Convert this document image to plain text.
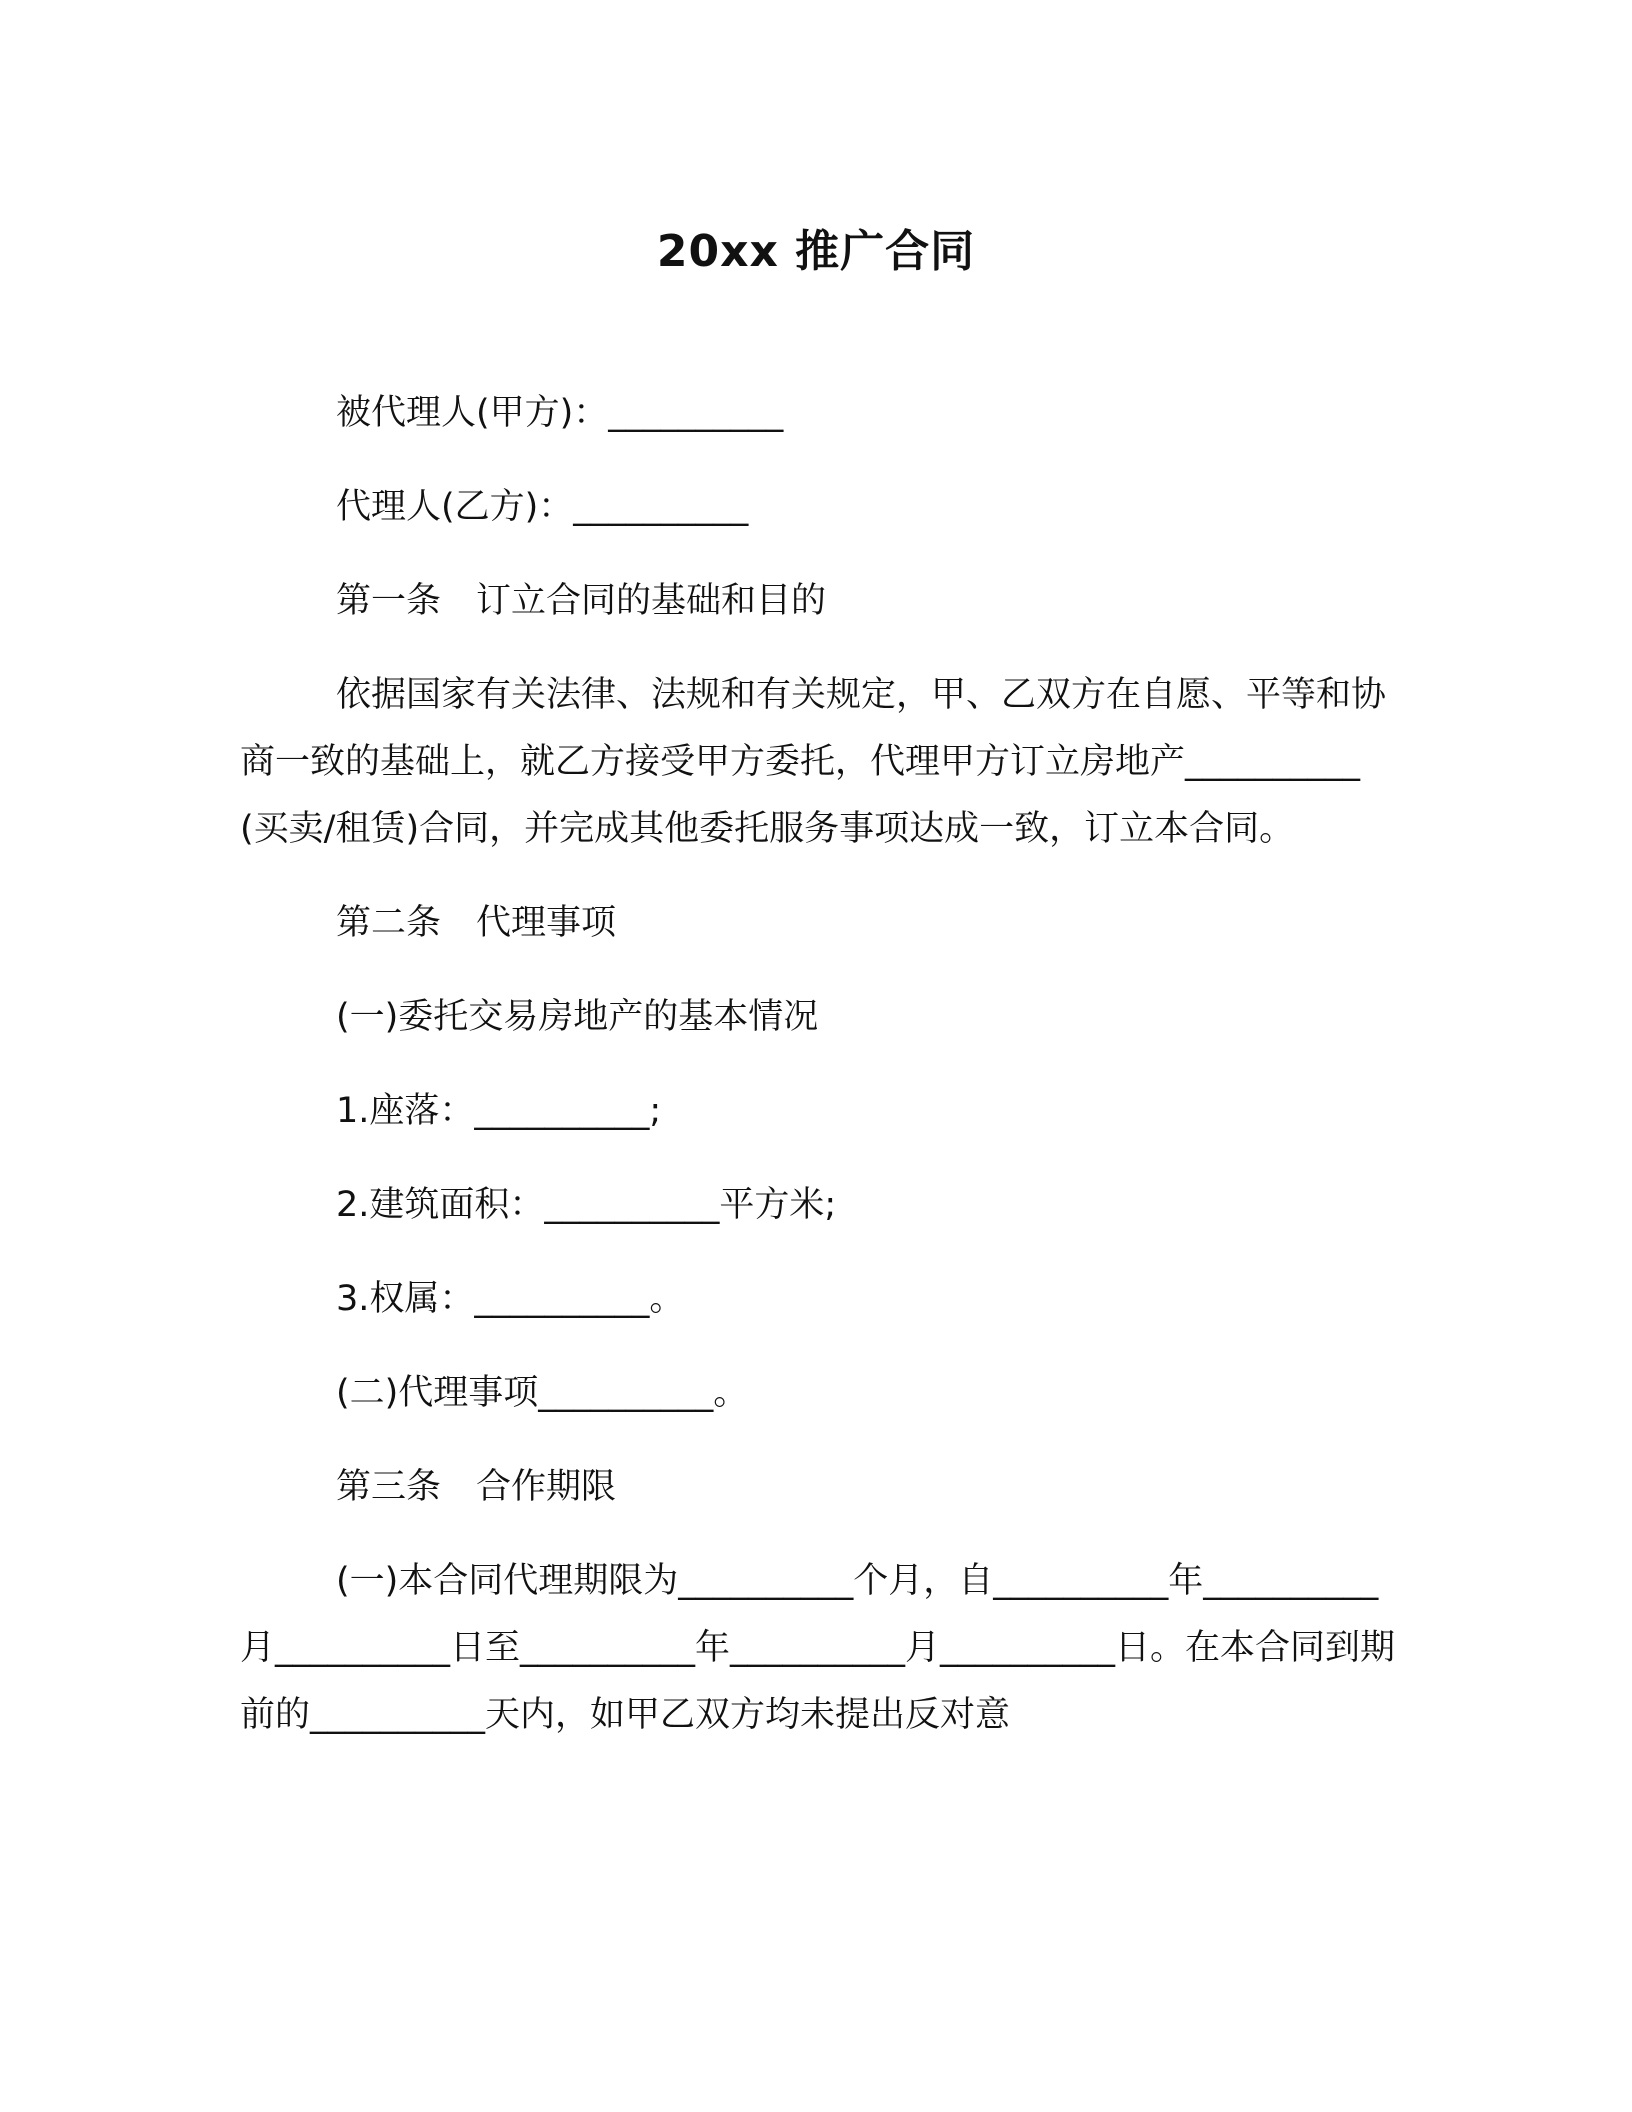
20xx 推广合同

被代理人(甲方)：__________

代理人(乙方)：__________

第一条　订立合同的基础和目的

依据国家有关法律、法规和有关规定，甲、乙双方在自愿、平等和协商一致的基础上，就乙方接受甲方委托，代理甲方订立房地产__________(买卖/租赁)合同，并完成其他委托服务事项达成一致，订立本合同。

第二条　代理事项

(一)委托交易房地产的基本情况

1.座落：__________;

2.建筑面积：__________平方米;

3.权属：__________。

(二)代理事项__________。

第三条　合作期限

(一)本合同代理期限为__________个月，自__________年__________月__________日至__________年__________月__________日。在本合同到期前的__________天内，如甲乙双方均未提出反对意
